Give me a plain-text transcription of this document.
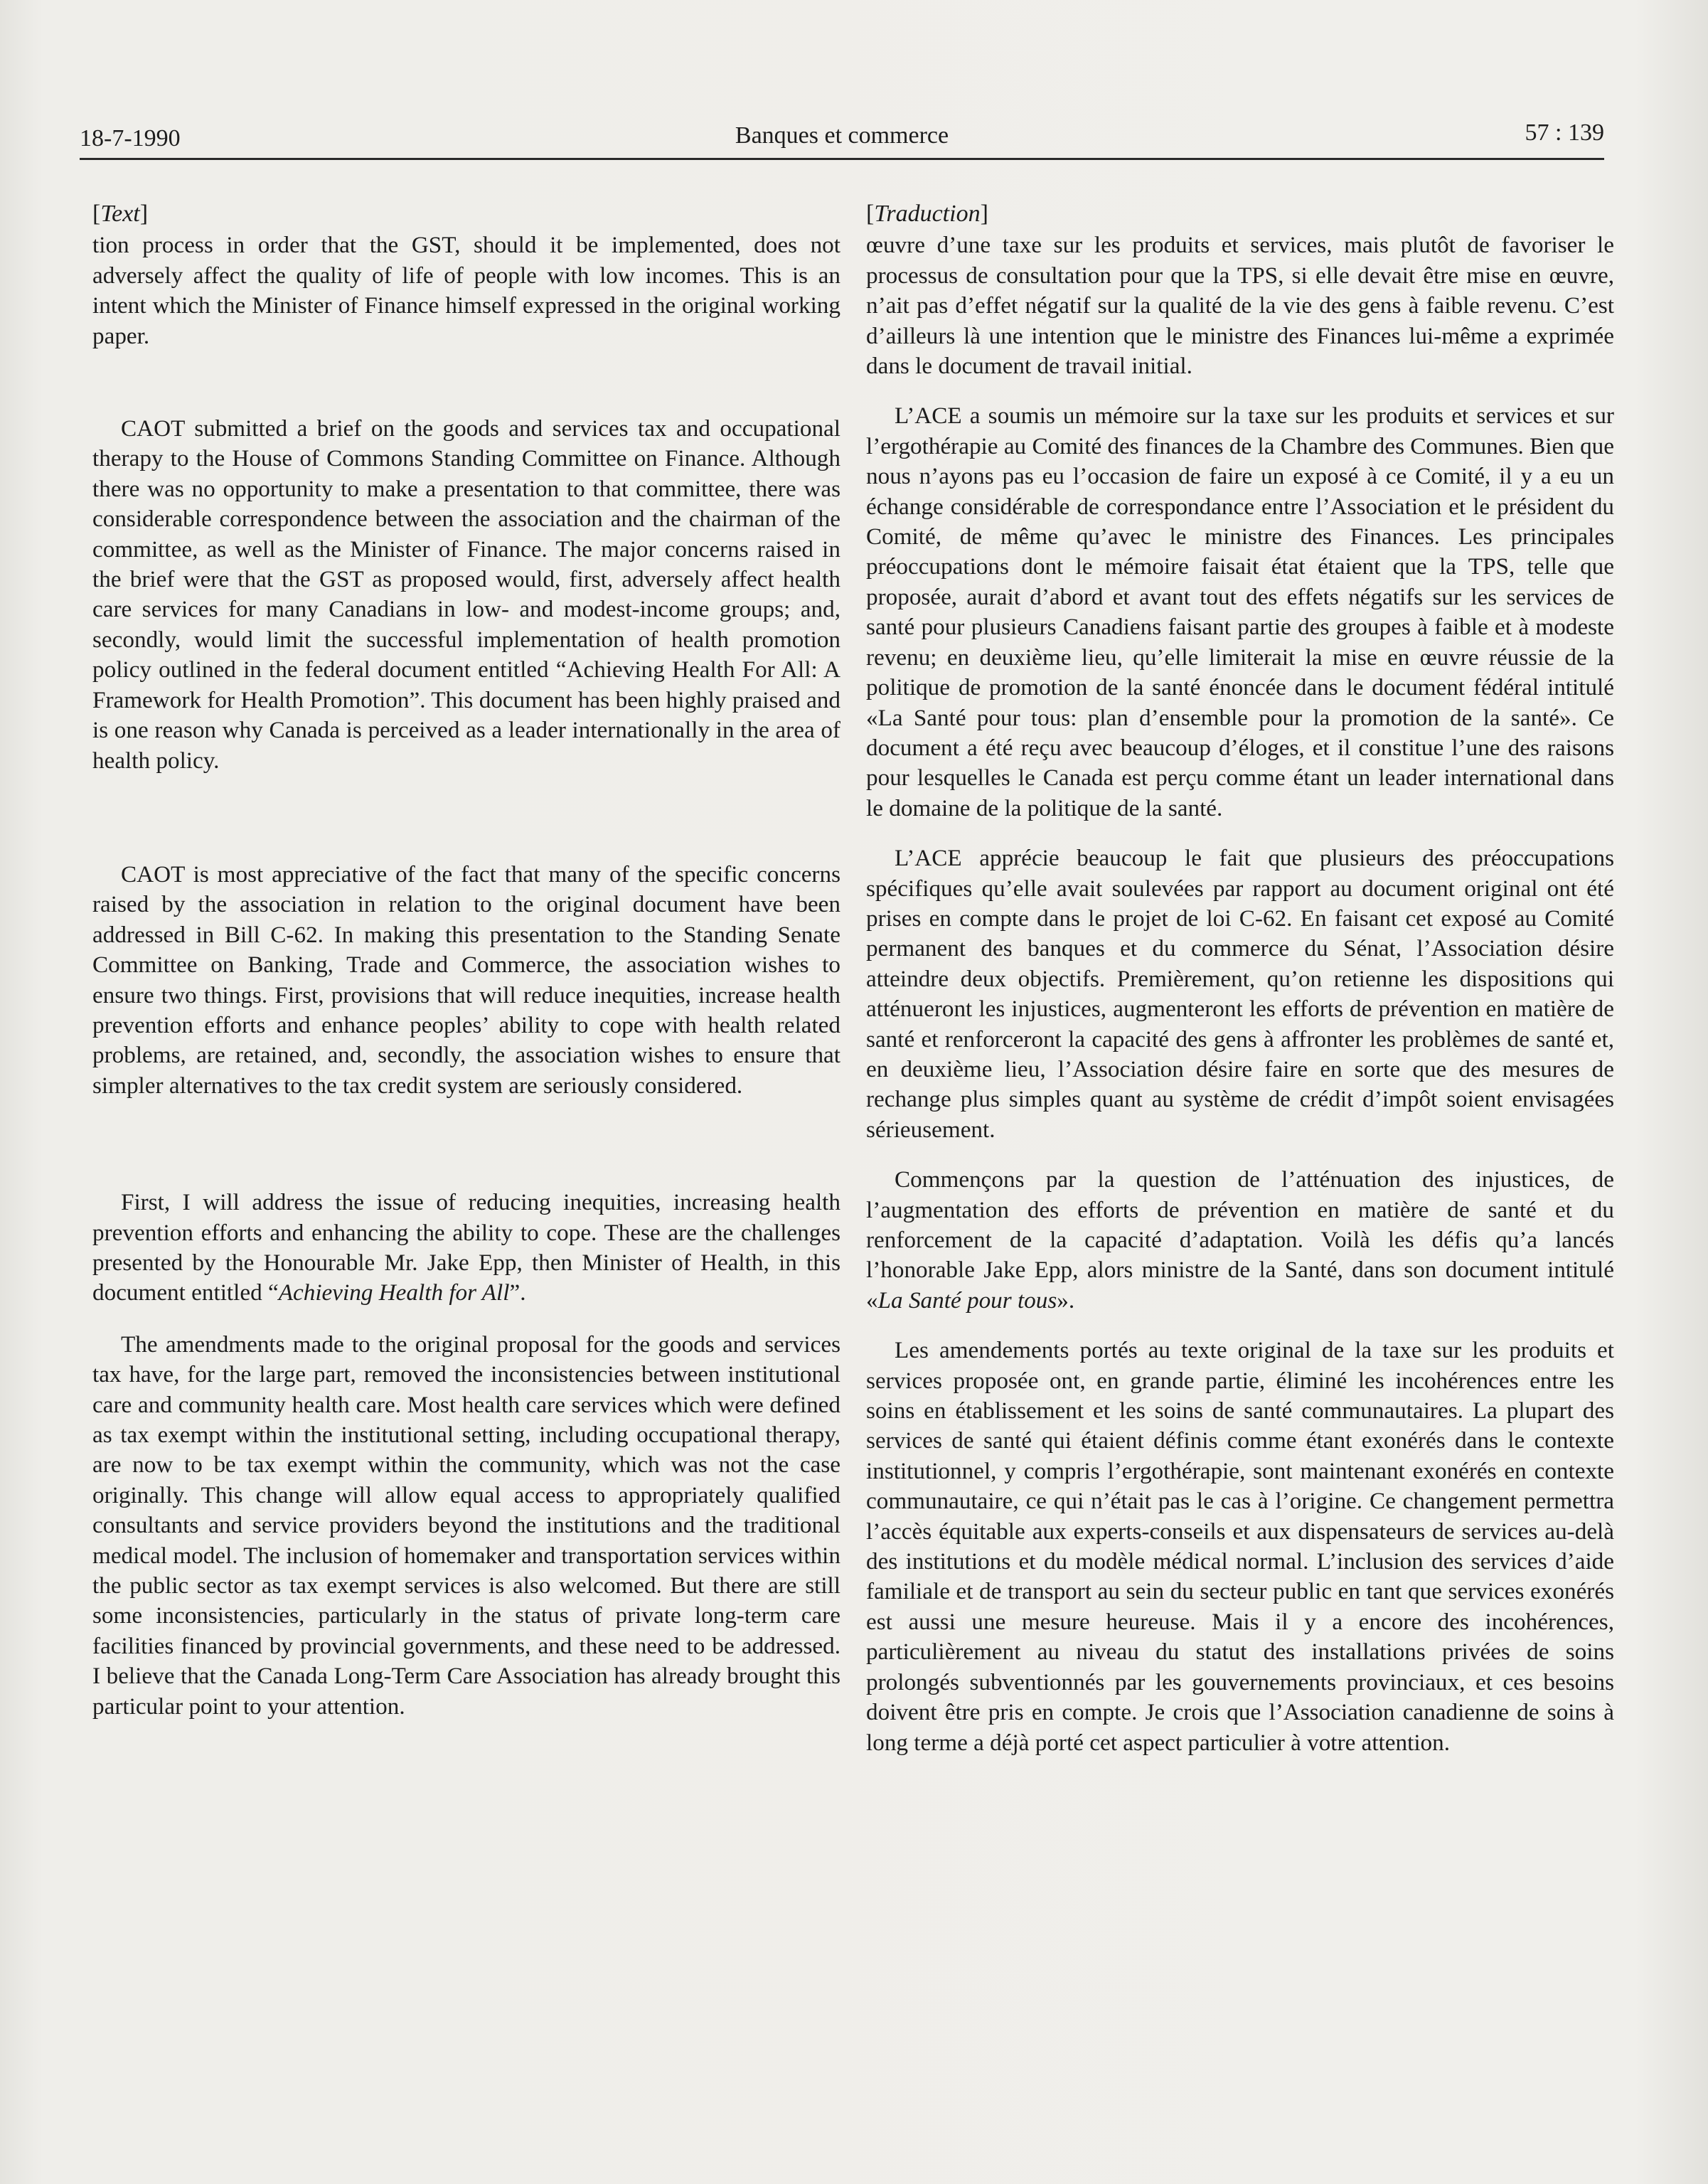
18-7-1990	Banques et commerce	57 : 139
[Text]

tion process in order that the GST, should it be implemented, does not adversely affect the quality of life of people with low incomes. This is an intent which the Minister of Finance himself expressed in the original working paper.

CAOT submitted a brief on the goods and services tax and occupational therapy to the House of Commons Standing Committee on Finance. Although there was no opportunity to make a presentation to that committee, there was considerable correspondence between the association and the chairman of the committee, as well as the Minister of Finance. The major concerns raised in the brief were that the GST as proposed would, first, adversely affect health care services for many Canadians in low- and modest-income groups; and, secondly, would limit the successful implementation of health promotion policy outlined in the federal document entitled “Achieving Health For All: A Framework for Health Promotion”. This document has been highly praised and is one reason why Canada is perceived as a leader internationally in the area of health policy.

CAOT is most appreciative of the fact that many of the specific concerns raised by the association in relation to the original document have been addressed in Bill C-62. In making this presentation to the Standing Senate Committee on Banking, Trade and Commerce, the association wishes to ensure two things. First, provisions that will reduce inequities, increase health prevention efforts and enhance peoples’ ability to cope with health related problems, are retained, and, secondly, the association wishes to ensure that simpler alternatives to the tax credit system are seriously considered.

First, I will address the issue of reducing inequities, increasing health prevention efforts and enhancing the ability to cope. These are the challenges presented by the Honourable Mr. Jake Epp, then Minister of Health, in this document entitled “Achieving Health for All”.

The amendments made to the original proposal for the goods and services tax have, for the large part, removed the inconsistencies between institutional care and community health care. Most health care services which were defined as tax exempt within the institutional setting, including occupational therapy, are now to be tax exempt within the community, which was not the case originally. This change will allow equal access to appropriately qualified consultants and service providers beyond the institutions and the traditional medical model. The inclusion of homemaker and transportation services within the public sector as tax exempt services is also welcomed. But there are still some inconsistencies, particularly in the status of private long-term care facilities financed by provincial governments, and these need to be addressed. I believe that the Canada Long-Term Care Association has already brought this particular point to your attention.

[Traduction]

œuvre d’une taxe sur les produits et services, mais plutôt de favoriser le processus de consultation pour que la TPS, si elle devait être mise en œuvre, n’ait pas d’effet négatif sur la qualité de la vie des gens à faible revenu. C’est d’ailleurs là une intention que le ministre des Finances lui-même a exprimée dans le document de travail initial.

L’ACE a soumis un mémoire sur la taxe sur les produits et services et sur l’ergothérapie au Comité des finances de la Chambre des Communes. Bien que nous n’ayons pas eu l’occasion de faire un exposé à ce Comité, il y a eu un échange considérable de correspondance entre l’Association et le président du Comité, de même qu’avec le ministre des Finances. Les principales préoccupations dont le mémoire faisait état étaient que la TPS, telle que proposée, aurait d’abord et avant tout des effets négatifs sur les services de santé pour plusieurs Canadiens faisant partie des groupes à faible et à modeste revenu; en deuxième lieu, qu’elle limiterait la mise en œuvre réussie de la politique de promotion de la santé énoncée dans le document fédéral intitulé «La Santé pour tous: plan d’ensemble pour la promotion de la santé». Ce document a été reçu avec beaucoup d’éloges, et il constitue l’une des raisons pour lesquelles le Canada est perçu comme étant un leader international dans le domaine de la politique de la santé.

L’ACE apprécie beaucoup le fait que plusieurs des préoccupations spécifiques qu’elle avait soulevées par rapport au document original ont été prises en compte dans le projet de loi C-62. En faisant cet exposé au Comité permanent des banques et du commerce du Sénat, l’Association désire atteindre deux objectifs. Premièrement, qu’on retienne les dispositions qui atténueront les injustices, augmenteront les efforts de prévention en matière de santé et renforceront la capacité des gens à affronter les problèmes de santé et, en deuxième lieu, l’Association désire faire en sorte que des mesures de rechange plus simples quant au système de crédit d’impôt soient envisagées sérieusement.

Commençons par la question de l’atténuation des injustices, de l’augmentation des efforts de prévention en matière de santé et du renforcement de la capacité d’adaptation. Voilà les défis qu’a lancés l’honorable Jake Epp, alors ministre de la Santé, dans son document intitulé «La Santé pour tous».

Les amendements portés au texte original de la taxe sur les produits et services proposée ont, en grande partie, éliminé les incohérences entre les soins en établissement et les soins de santé communautaires. La plupart des services de santé qui étaient définis comme étant exonérés dans le contexte institutionnel, y compris l’ergothérapie, sont maintenant exonérés en contexte communautaire, ce qui n’était pas le cas à l’origine. Ce changement permettra l’accès équitable aux experts-conseils et aux dispensateurs de services au-delà des institutions et du modèle médical normal. L’inclusion des services d’aide familiale et de transport au sein du secteur public en tant que services exonérés est aussi une mesure heureuse. Mais il y a encore des incohérences, particulièrement au niveau du statut des installations privées de soins prolongés subventionnés par les gouvernements provinciaux, et ces besoins doivent être pris en compte. Je crois que l’Association canadienne de soins à long terme a déjà porté cet aspect particulier à votre attention.
